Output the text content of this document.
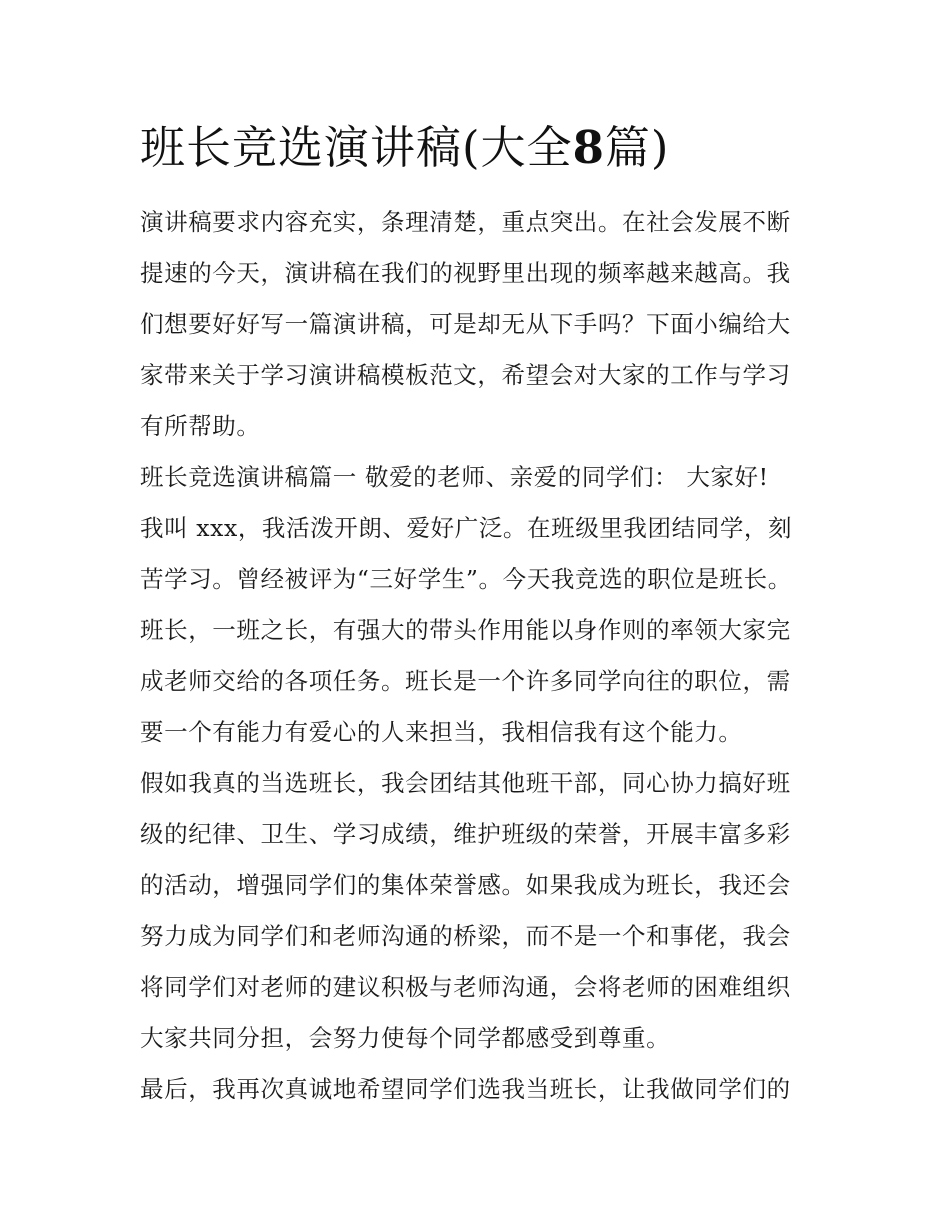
班长竞选演讲稿(大全8篇)

演讲稿要求内容充实，条理清楚，重点突出。在社会发展不断
提速的今天，演讲稿在我们的视野里出现的频率越来越高。我
们想要好好写一篇演讲稿，可是却无从下手吗？下面小编给大
家带来关于学习演讲稿模板范文，希望会对大家的工作与学习
有所帮助。

班长竞选演讲稿篇一 敬爱的老师、亲爱的同学们： 大家好!

我叫 xxx，我活泼开朗、爱好广泛。在班级里我团结同学，刻
苦学习。曾经被评为“三好学生”。今天我竞选的职位是班长。
班长，一班之长，有强大的带头作用能以身作则的率领大家完
成老师交给的各项任务。班长是一个许多同学向往的职位，需
要一个有能力有爱心的人来担当，我相信我有这个能力。

假如我真的当选班长，我会团结其他班干部，同心协力搞好班
级的纪律、卫生、学习成绩，维护班级的荣誉，开展丰富多彩
的活动，增强同学们的集体荣誉感。如果我成为班长，我还会
努力成为同学们和老师沟通的桥梁，而不是一个和事佬，我会
将同学们对老师的建议积极与老师沟通，会将老师的困难组织
大家共同分担，会努力使每个同学都感受到尊重。

最后，我再次真诚地希望同学们选我当班长，让我做同学们的
